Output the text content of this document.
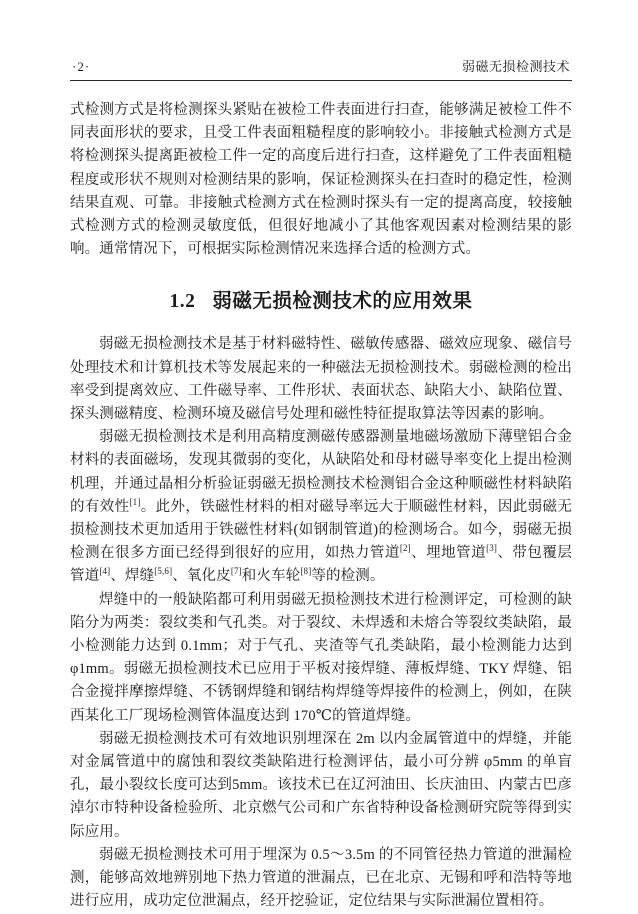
·2·	弱磁无损检测技术

式检测方式是将检测探头紧贴在被检工件表面进行扫查，能够满足被检工件不同表面形状的要求，且受工件表面粗糙程度的影响较小。非接触式检测方式是将检测探头提离距被检工件一定的高度后进行扫查，这样避免了工件表面粗糙程度或形状不规则对检测结果的影响，保证检测探头在扫查时的稳定性，检测结果直观、可靠。非接触式检测方式在检测时探头有一定的提离高度，较接触式检测方式的检测灵敏度低，但很好地减小了其他客观因素对检测结果的影响。通常情况下，可根据实际检测情况来选择合适的检测方式。

1.2 弱磁无损检测技术的应用效果

弱磁无损检测技术是基于材料磁特性、磁敏传感器、磁效应现象、磁信号处理技术和计算机技术等发展起来的一种磁法无损检测技术。弱磁检测的检出率受到提离效应、工件磁导率、工件形状、表面状态、缺陷大小、缺陷位置、探头测磁精度、检测环境及磁信号处理和磁性特征提取算法等因素的影响。

弱磁无损检测技术是利用高精度测磁传感器测量地磁场激励下薄壁铝合金材料的表面磁场，发现其微弱的变化，从缺陷处和母材磁导率变化上提出检测机理，并通过晶相分析验证弱磁无损检测技术检测铝合金这种顺磁性材料缺陷的有效性[1]。此外，铁磁性材料的相对磁导率远大于顺磁性材料，因此弱磁无损检测技术更加适用于铁磁性材料(如钢制管道)的检测场合。如今，弱磁无损检测在很多方面已经得到很好的应用，如热力管道[2]、埋地管道[3]、带包覆层管道[4]、焊缝[5,6]、氧化皮[7]和火车轮[8]等的检测。

焊缝中的一般缺陷都可利用弱磁无损检测技术进行检测评定，可检测的缺陷分为两类：裂纹类和气孔类。对于裂纹、未焊透和未熔合等裂纹类缺陷，最小检测能力达到 0.1mm；对于气孔、夹渣等气孔类缺陷，最小检测能力达到 φ1mm。弱磁无损检测技术已应用于平板对接焊缝、薄板焊缝、TKY 焊缝、铝合金搅拌摩擦焊缝、不锈钢焊缝和钢结构焊缝等焊接件的检测上，例如，在陕西某化工厂现场检测管体温度达到 170℃的管道焊缝。

弱磁无损检测技术可有效地识别埋深在 2m 以内金属管道中的焊缝，并能对金属管道中的腐蚀和裂纹类缺陷进行检测评估，最小可分辨 φ5mm 的单盲孔，最小裂纹长度可达到5mm。该技术已在辽河油田、长庆油田、内蒙古巴彦淖尔市特种设备检验所、北京燃气公司和广东省特种设备检测研究院等得到实际应用。

弱磁无损检测技术可用于埋深为 0.5～3.5m 的不同管径热力管道的泄漏检测，能够高效地辨别地下热力管道的泄漏点，已在北京、无锡和呼和浩特等地进行应用，成功定位泄漏点，经开挖验证，定位结果与实际泄漏位置相符。
